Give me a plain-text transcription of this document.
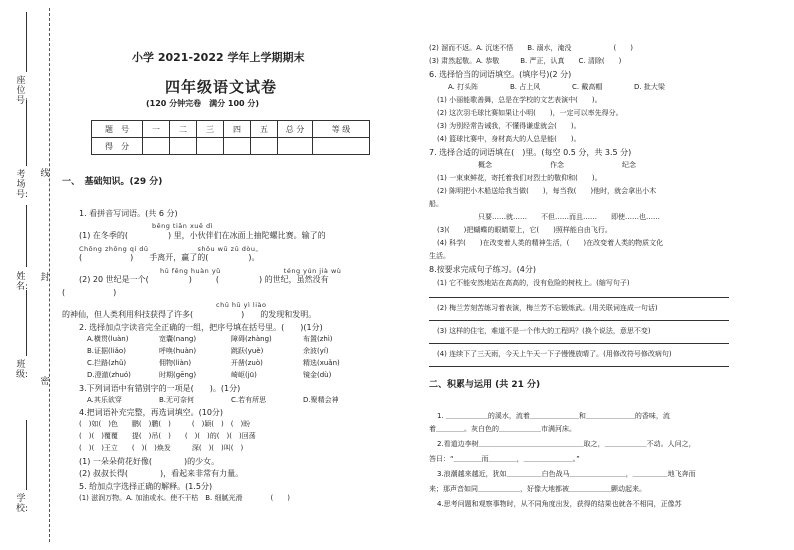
学校:
班级:
姓名:
考场号:
座位号:
密
封
线
小学 2021-2022 学年上学期期末
四年级语文试卷
(120 分钟完卷　满分 100 分)
题　号	一	二	三	四	五	总 分	等 级
得　分							
一、　基础知识。(29 分)
1. 看拼音写词语。(共 6 分)
bēng tiān xuě dì
(1) 在冬季的(　　　　　) 里，小伙伴们在冰面上抽陀螺比赛。输了的
Chōng zhōng qí dū　　　　　　　shǒu wū zū dòu。
(　　　　　　)　　手离开，赢了的(　　　　　)。
hū fēng huàn yǔ　　　　　　　　　téng yún jià wù
(2) 20 世纪是一个(　　　　　)　　　(　　　　　) 的世纪，虽然没有
(　　　　　　)
chū hū yì liào
的神仙，但人类利用科技获得了许多(　　　　　　)　　的发现和发明。
2. 选择加点字读音完全正确的一组，把序号填在括号里。(　　)(1分)
A.横贯(luàn)	宽囊(nang)	障碍(zhàng)	布置(zhì)
B.证据(liǎo)	呼唤(huàn)	跳跃(yuè)	余波(yí)
C.拦路(zhǔ)	佣物(liàn)	开凿(zuò)	精选(xuǎn)
D.澄澈(zhuó)	时期(gēng)	崎岖(jū)	镜金(dù)
3.下列词语中有错别字的一项是(　　)。(1分)
A.其乐欲穿	B.无可奈何	C.若有所思	D.聚精会神
4.把词语补充完整，再选词填空。(10分)
(　)如(　)色　　鹏(　)鹏(　)　　　(　)颖(　)　(　)盼
(　)(　)覆覆　　提(　)吊(　)　　(　)(　)的(　)(　)回荡
(　)(　)王立　　(　)(　)焕发　　　深(　)(　)叫(　)
(1) 一朵朵荷花好像(　　　　)的少女。
(2) 叔叔长得(　　　　)，看起来非常有力量。
5. 给加点字选择正确的解释。(1.5分)
(1) 滋润万物。A. 加油或水。使不干枯　B. 细腻光滑　　　　(　　)
(2) 溜而不返。A. 沉迷不悟　　B. 溺水，淹没　　　　　　(　　)
(3) 肃然起敬。A. 恭敬　　　B. 严正，认真　　C. 清除(　　)
6. 选择恰当的词语填空。(填序号)(2 分)
A. 打头阵	B. 占上风	C. 戴高帽	D. 批大梁
(1) 小丽能歌善舞，总是在学校的文艺表演中(　　)。
(2) 这次羽毛球比赛如果让小明(　　)，一定可以率先得分。
(3) 为别经常告诫我，不懂得谦虚就会(　　)。
(4) 篮球比赛中，身材高大的人总是能(　　)。
7. 选择合适的词语填在(　)里。(每空 0.5 分，共 3.5 分)
概念	作念	纪念
(1) 一束束鲜花，寄托着我们对烈士的敬仰和(　　)。
(2) 陈明把小木船送给我当做(　　)，每当我(　　)他时，就会拿出小木
船。
只要……就……　　不但……而且……　　即使……也……
(3)(　　)把蝴蝶的眼睛蒙上，它(　　)照样能自由飞行。
(4) 科学(　　)在改变着人类的精神生活，(　　)在改变着人类的物质文化
生活。
8.按要求完成句子练习。(4分)
(1) 它不能安然地站在高高的，没有危险的树枝上。(缩写句子)
(2) 梅兰芳刻苦练习着表演，梅兰芳不忘锻炼武。(用关联词连成一句话)
(3) 这样的住宅，难道不是一个伟大的工程吗？(换个说法，意思不变)
(4) 连续下了三天雨，今天上午天一下子慢慢放晴了。(用修改符号修改病句)
二、积累与运用 (共 21 分)
1. ＿＿＿＿＿＿的溪水，流着＿＿＿＿＿＿＿和＿＿＿＿＿＿＿的香味，流
着＿＿＿＿。灰白色的＿＿＿＿＿＿市满河床。
2.看道边李树＿＿＿＿＿＿＿＿＿＿＿＿＿＿＿取之，＿＿＿＿＿＿不动。人问之，
答曰：“＿＿＿＿而＿＿＿＿，＿＿＿＿＿＿＿。”
3.浪潮越来越近，犹如＿＿＿＿＿白色战马＿＿＿＿＿＿＿＿，＿＿＿＿＿地飞奔而
来；那声音如同＿＿＿＿＿＿，好像大地都被＿＿＿＿＿＿颤动起来。
4.思考问题和观察事物时，从不同角度出发，获得的结果也就各不相同，正像苏
